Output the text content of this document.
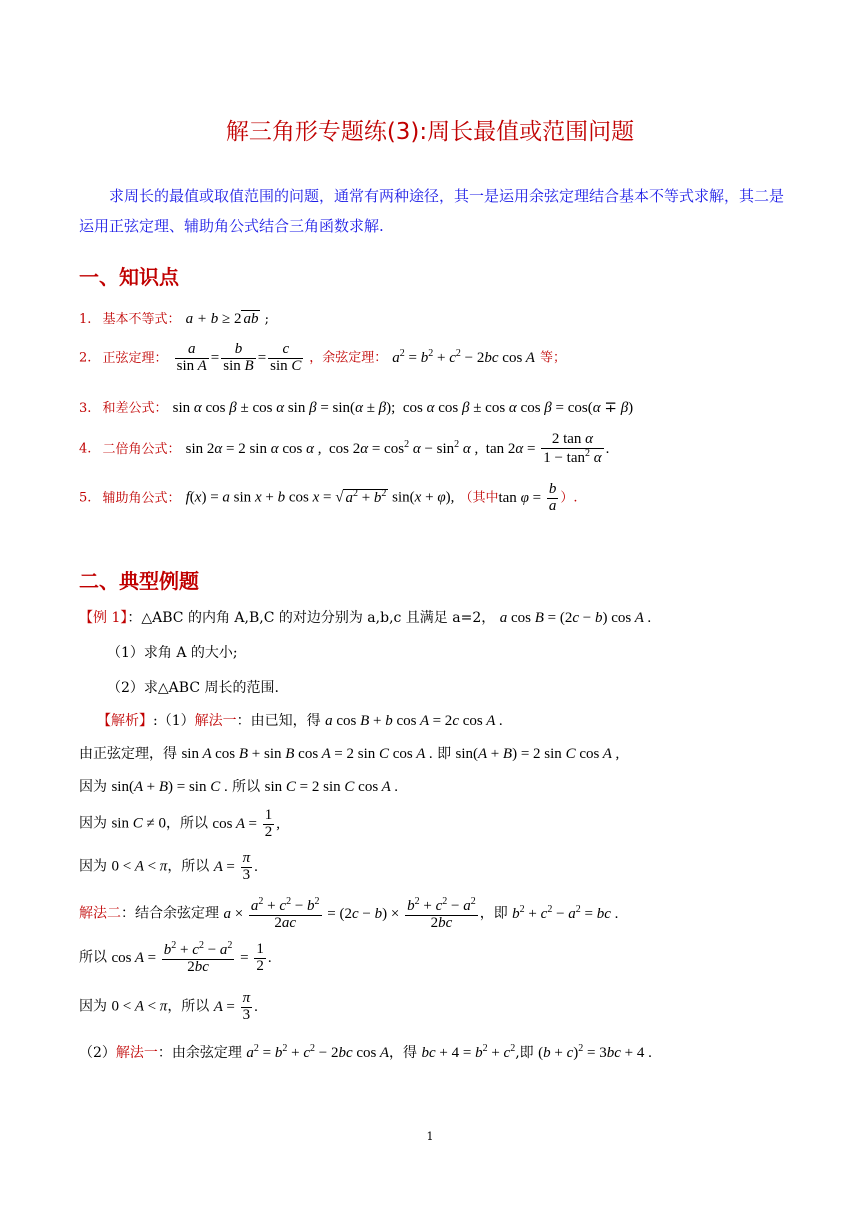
解三角形专题练(3):周长最值或范围问题
求周长的最值或取值范围的问题，通常有两种途径，其一是运用余弦定理结合基本不等式求解，其二是运用正弦定理、辅助角公式结合三角函数求解.
一、知识点
1. 基本不等式： a + b ≥ 2 ab ;
2. 正弦定理： $\frac{a}{\text{sin A}} = \frac{b}{\text{sin B}} = \frac{c}{\text{sin C}}$ ，余弦定理： $a^2 = b^2 + c^2 - 2bc$ cos A 等；
3. 和差公式： sin α cos β ± cos α sin β = sin(α ± β); cos α cos β ± cos α cos β = cos(α ∓ β)
4. 二倍角公式： sin 2α = 2 sin α cos α , $\cos 2\alpha = \cos^2 \alpha - \sin^2 \alpha$ , $\tan 2\alpha = \frac{\text{2 tan α}}{1 - \tan^2 \alpha}$ .
5. 辅助角公式： f(x) = a sin x + b cos x = √ $a^2 + b^2$ sin(x + φ), （其中$\tan \varphi = \frac{b}{a}$ ）.
二、典型例题
【例 1】：△ABC 的内角 A,B,C 的对边分别为 a,b,c 且满足 a=2， a cos B = (2c − b) cos A .
（1）求角 A 的大小;
（2）求△ABC 周长的范围.
【解析】:（1）解法一：由已知，得 a cos B + b cos A = 2c cos A .
由正弦定理，得 sin A cos B + sin B cos A = 2 sin C cos A . 即 sin(A + B) = 2 sin C cos A ,
因为 sin(A + B) = sin C . 所以 sin C = 2 sin C cos A .
因为 sin C ≠ 0，所以 $\cos A = \frac{1}{2}$ ,
因为 0 < A < π，所以 $A = \frac{\pi}{3}$ .
解法二：结合余弦定理 $a \times \frac{a^2 + c^2 - b^2}{2ac} = (2c - b) \times \frac{b^2 + c^2 - a^2}{2bc}$ ，即 $b^2 + c^2 - a^2$ = bc .
所以 $\cos A = \frac{b^2 + c^2 - a^2}{2bc} = \frac{1}{2}$ .
因为 0 < A < π，所以 $A = \frac{\pi}{3}$ .
（2）解法一：由余弦定理 $a^2 = b^2 + c^2 - 2bc$ cos A，得 bc + $4 = b^2 + c^2$,即 $(b + c)^2 = 3bc + 4$ .
1
